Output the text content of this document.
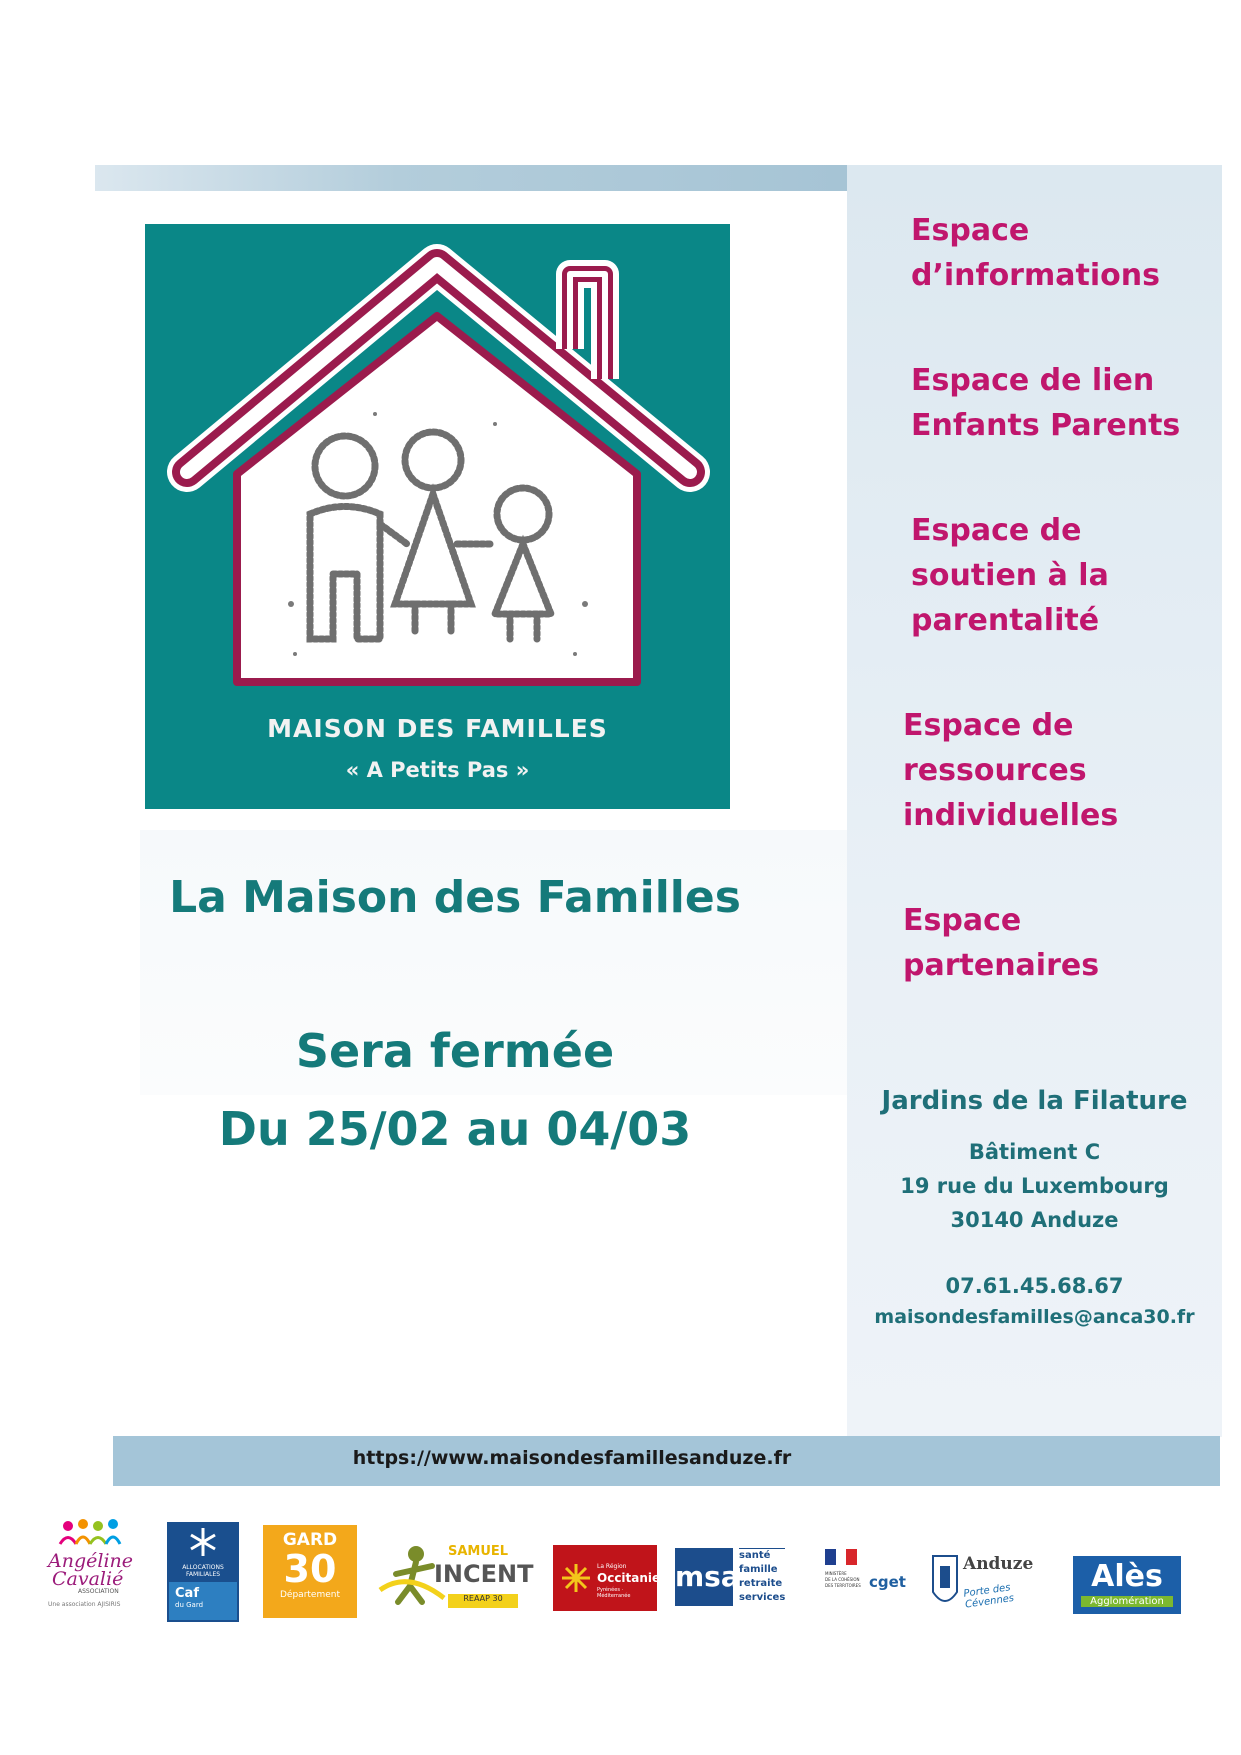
MAISON DES FAMILLES
« A Petits Pas »
La Maison des Familles
Sera fermée
Du 25/02 au 04/03
Espace
d’informations
Espace de lien
Enfants Parents
Espace de
soutien à la
parentalité
Espace de
ressources
individuelles
Espace
partenaires
Jardins de la Filature
Bâtiment C
19 rue du Luxembourg
30140 Anduze
07.61.45.68.67
maisondesfamilles@anca30.fr
https://www.maisondesfamillesanduze.fr
Angéline
Cavalié
ASSOCIATION
Une association AJISIRIS
ALLOCATIONS
FAMILIALES
Caf
du Gard
GARD
30
Département
SAMUEL
INCENT
REAAP 30
La Région
Occitanie
Pyrénées · Méditerranée
msa
santé
famille
retraite
services
MINISTÈRE
DE LA COHÉSION
DES TERRITOIRES cget
Anduze
Porte des Cévennes
Alès
Agglomération
